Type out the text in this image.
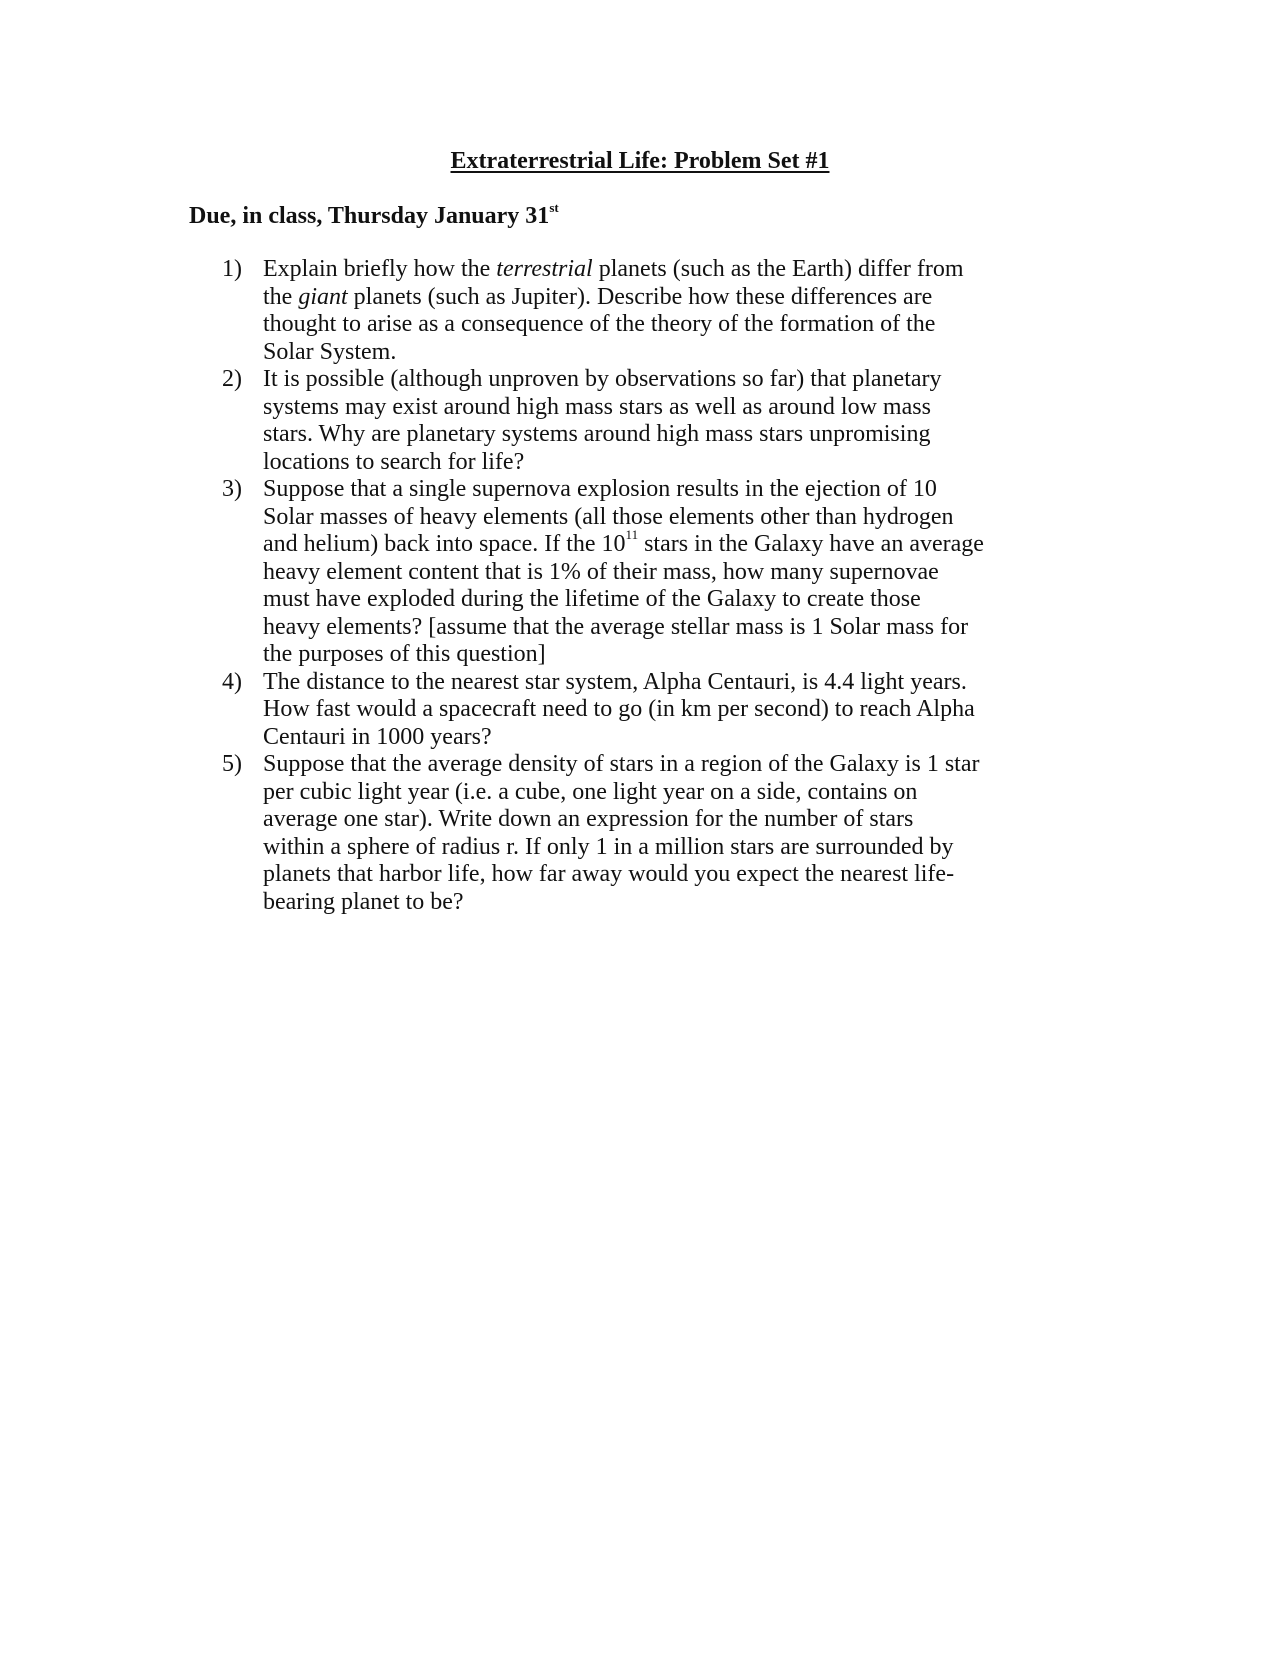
Extraterrestrial Life: Problem Set #1

Due, in class, Thursday January 31st

1) Explain briefly how the terrestrial planets (such as the Earth) differ from
the giant planets (such as Jupiter). Describe how these differences are
thought to arise as a consequence of the theory of the formation of the
Solar System.
2) It is possible (although unproven by observations so far) that planetary
systems may exist around high mass stars as well as around low mass
stars. Why are planetary systems around high mass stars unpromising
locations to search for life?
3) Suppose that a single supernova explosion results in the ejection of 10
Solar masses of heavy elements (all those elements other than hydrogen
and helium) back into space. If the $10^{11}$ stars in the Galaxy have an average
heavy element content that is 1% of their mass, how many supernovae
must have exploded during the lifetime of the Galaxy to create those
heavy elements? [assume that the average stellar mass is 1 Solar mass for
the purposes of this question]
4) The distance to the nearest star system, Alpha Centauri, is 4.4 light years.
How fast would a spacecraft need to go (in km per second) to reach Alpha
Centauri in 1000 years?
5) Suppose that the average density of stars in a region of the Galaxy is 1 star
per cubic light year (i.e. a cube, one light year on a side, contains on
average one star). Write down an expression for the number of stars
within a sphere of radius r. If only 1 in a million stars are surrounded by
planets that harbor life, how far away would you expect the nearest life-
bearing planet to be?
